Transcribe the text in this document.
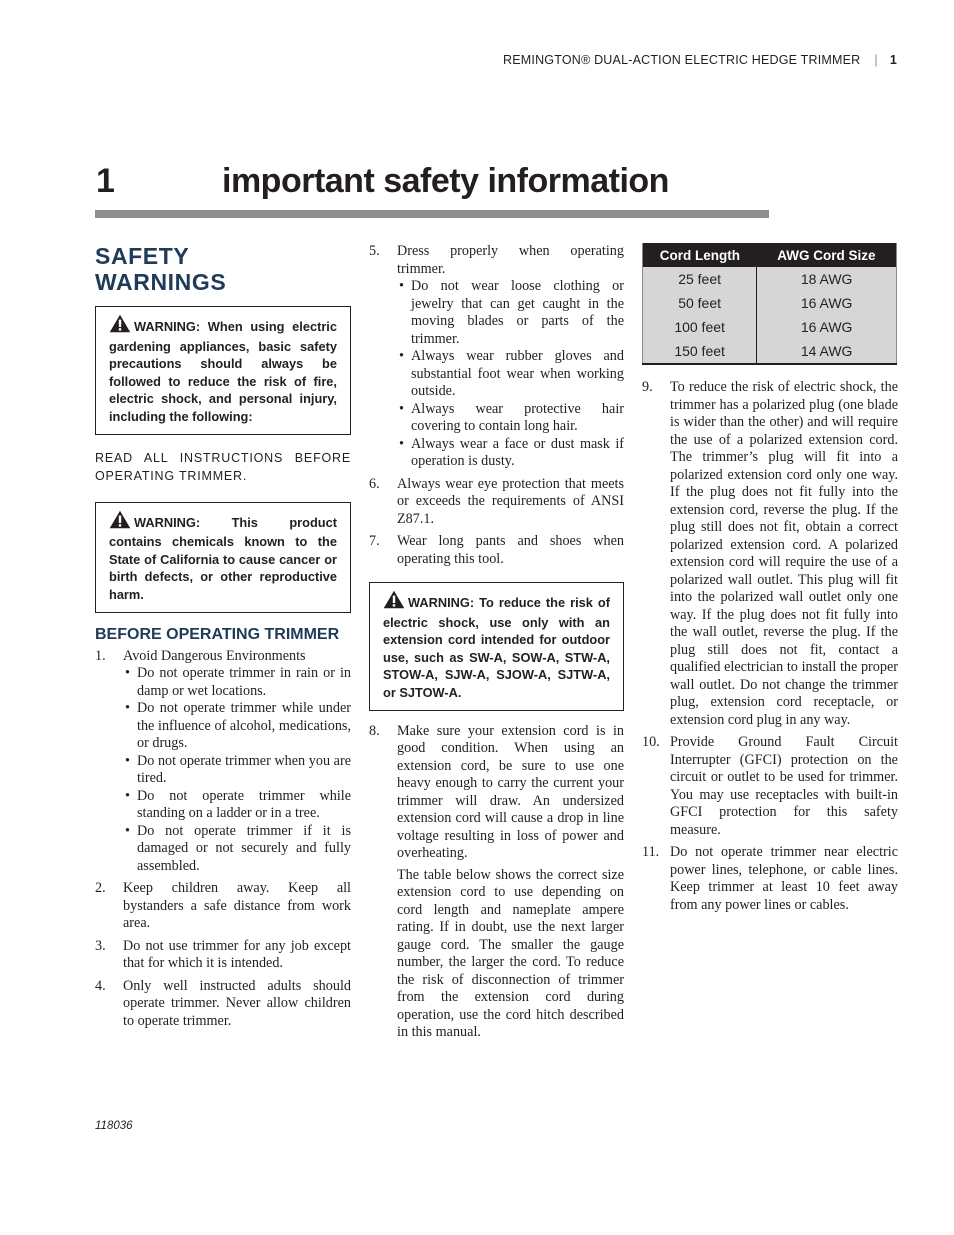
REMINGTON® DUAL-ACTION ELECTRIC HEDGE TRIMMER | 1
1	important safety information
SAFETY
WARNINGS
WARNING: When using electric gardening appliances, basic safety precautions should always be followed to reduce the risk of fire, electric shock, and personal injury, including the following:
READ ALL INSTRUCTIONS BEFORE OPERATING TRIMMER.
WARNING: This product contains chemicals known to the State of California to cause cancer or birth defects, or other reproductive harm.
BEFORE OPERATING TRIMMER
1. Avoid Dangerous Environments
• Do not operate trimmer in rain or in damp or wet locations.
• Do not operate trimmer while under the influence of alcohol, medications, or drugs.
• Do not operate trimmer when you are tired.
• Do not operate trimmer while standing on a ladder or in a tree.
• Do not operate trimmer if it is damaged or not securely and fully assembled.
2. Keep children away. Keep all bystanders a safe distance from work area.
3. Do not use trimmer for any job except that for which it is intended.
4. Only well instructed adults should operate trimmer. Never allow children to operate trimmer.
5. Dress properly when operating trimmer.
• Do not wear loose clothing or jewelry that can get caught in the moving blades or parts of the trimmer.
• Always wear rubber gloves and substantial foot wear when working outside.
• Always wear protective hair covering to contain long hair.
• Always wear a face or dust mask if operation is dusty.
6. Always wear eye protection that meets or exceeds the requirements of ANSI Z87.1.
7. Wear long pants and shoes when operating this tool.
WARNING: To reduce the risk of electric shock, use only with an extension cord intended for outdoor use, such as SW-A, SOW-A, STW-A, STOW-A, SJW-A, SJOW-A, SJTW-A, or SJTOW-A.
8. Make sure your extension cord is in good condition. When using an extension cord, be sure to use one heavy enough to carry the current your trimmer will draw. An undersized extension cord will cause a drop in line voltage resulting in loss of power and overheating.

The table below shows the correct size extension cord to use depending on cord length and nameplate ampere rating. If in doubt, use the next larger gauge cord. The smaller the gauge number, the larger the cord. To reduce the risk of disconnection of trimmer from the extension cord during operation, use the cord hitch described in this manual.

Cord Length	AWG Cord Size
25 feet	18 AWG
50 feet	16 AWG
100 feet	16 AWG
150 feet	14 AWG
9. To reduce the risk of electric shock, the trimmer has a polarized plug (one blade is wider than the other) and will require the use of a polarized extension cord. The trimmer’s plug will fit into a polarized extension cord only one way. If the plug does not fit fully into the extension cord, reverse the plug. If the plug still does not fit, obtain a correct polarized extension cord. A polarized extension cord will require the use of a polarized wall outlet. This plug will fit into the polarized wall outlet only one way. If the plug does not fit fully into the wall outlet, reverse the plug. If the plug still does not fit, contact a qualified electrician to install the proper wall outlet. Do not change the trimmer plug, extension cord receptacle, or extension cord plug in any way.
10. Provide Ground Fault Circuit Interrupter (GFCI) protection on the circuit or outlet to be used for trimmer. You may use receptacles with built-in GFCI protection for this safety measure.
11. Do not operate trimmer near electric power lines, telephone, or cable lines. Keep trimmer at least 10 feet away from any power lines or cables.
118036
